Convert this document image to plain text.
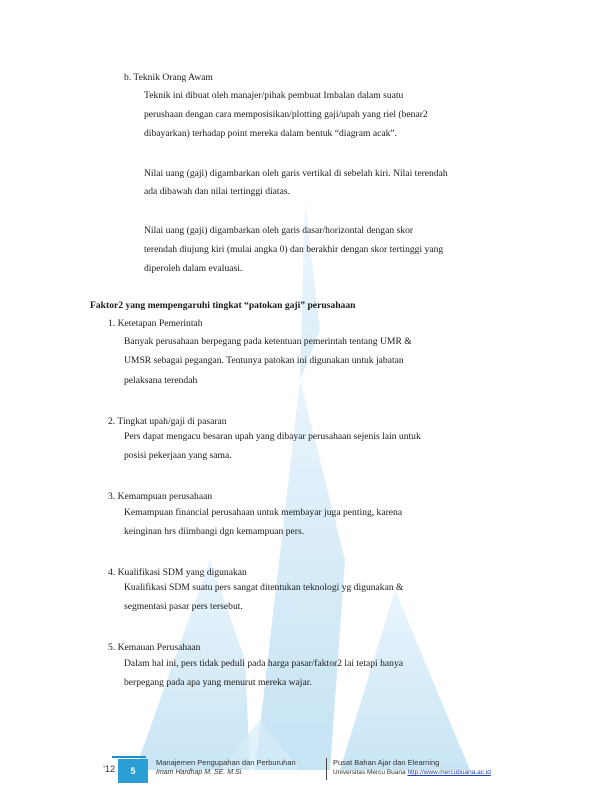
b. Teknik Orang Awam
Teknik ini dibuat oleh manajer/pihak pembuat Imbalan dalam suatu
perushaan dengan cara memposisikan/plotting gaji/upah yang riel (benar2
dibayarkan) terhadap point mereka dalam bentuk “diagram acak”.
Nilai uang (gaji) digambarkan oleh garis vertikal di sebelah kiri. Nilai terendah
ada dibawah dan nilai tertinggi diatas.
Nilai uang (gaji) digambarkan oleh garis dasar/horizontal dengan skor
terendah diujung kiri (mulai angka 0) dan berakhir dengan skor tertinggi yang
diperoleh dalam evaluasi.
Faktor2 yang mempengaruhi tingkat “patokan gaji” perusahaan
1. Ketetapan Pemerintah
Banyak perusahaan berpegang pada ketentuan pemerintah tentang UMR &
UMSR sebagai pegangan. Tentunya patokan ini digunakan untuk jabatan
pelaksana terendah
2. Tingkat upah/gaji di pasaran
Pers dapat mengacu besaran upah yang dibayar perusahaan sejenis lain untuk
posisi pekerjaan yang sama.
3. Kemampuan perusahaan
Kemampuan financial perusahaan untuk membayar juga penting, karena
keinginan hrs diimbangi dgn kemampuan pers.
4. Kualifikasi SDM yang digunakan
Kualifikasi SDM suatu pers sangat ditentukan teknologi yg digunakan &
segmentasi pasar pers tersebut.
5. Kemauan Perusahaan
Dalam hal ini, pers tidak peduli pada harga pasar/faktor2 lai tetapi hanya
berpegang pada apa yang menurut mereka wajar.
’12 5
Manajemen Pengupahan dan Perburuhan
Imam Hardhap M. SE. M.Si.
Pusat Bahan Ajar dan Elearning
Universitas Mercu Buana http://www.mercubuana.ac.id
